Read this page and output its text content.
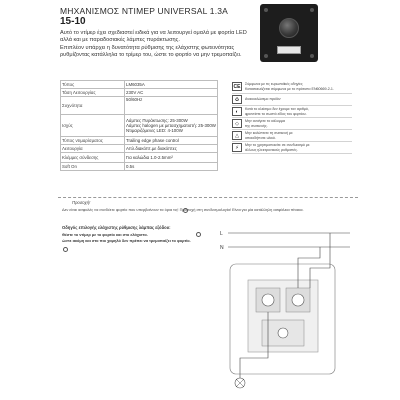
ΜΗΧΑΝΙΣΜΟΣ ΝΤΙΜΕΡ UNIVERSAL 1.3A
15-10
Αυτό το ντίμερ έχει σχεδιαστεί ειδικά για να λειτουργεί ομαλά με φορτία LED
αλλά και με παραδοσιακές λάμπες πυράκτωσης.
Επιπλέον υπάρχει η δυνατότητα ρύθμισης της ελάχιστης φωτεινότητας
ρυθμίζοντας κατάλληλα το τρίμερ του, ώστε το φορτίο να μην τρεμοπαίζει.
Τύπος	LM6035A
Τάση Λειτουργίας	230V AC
Συχνότητα	50/60Hz
Ισχύς	Λάμπες Πυράκτωσης: 25-300W
Λάμπες halogen με μετασχηματιστή: 25-300W
Ντιμαριζόμενες LED: 4-100W
Τύπος ντιμαρίσματος	Trailing edge phase control
Λειτουργία	Απλ.διακόπτ.με διακόπτες
Κλέμμες σύνδεσης	Για καλώδια 1.0-2.5mm²
Soft On	0.5s
CE	Σύμφωνα με τις ευρωπαϊκές οδηγίες
Κατασκευάζεται σύμφωνα με το πρότυπο EN60669-2-1.
♻	Ανακυκλώσιμο προϊόν
◐	Κατά το κλείσιμο δεν έχουμε τον αριθμό,
φροντίστε το σωστό είδος του φορτίου.
◇	Μην ανοίγετε το κάλυμμα
της συσκευής.
△	Μην καλύπτετε τη συσκευή με
οποιοδήποτε υλικό.
⚡	Μην το χρησιμοποιείτε σε συνδυασμό με
άλλους ηλεκτρονικούς ρυθμιστές.
Προσοχή!
Δεν είναι ασφαλές να συνδέετε φορτίο που υπερβαίνουν τα όρια τις! Προσοχή στη συνδεσμολογία! Είναι για μία κατάλληλη ασφάλεια πίνακα.
Οδηγός επιλογής ελάχιστης ρύθμισης λάμπας εξόδου:
Θέστε το ντίμερ με το φορτίο και στο ελάχιστο.
ώστε ακόμη και στο πιο χαμηλό δεν πρέπει να τρεμοπαίζει το φορτίο.
L
N
